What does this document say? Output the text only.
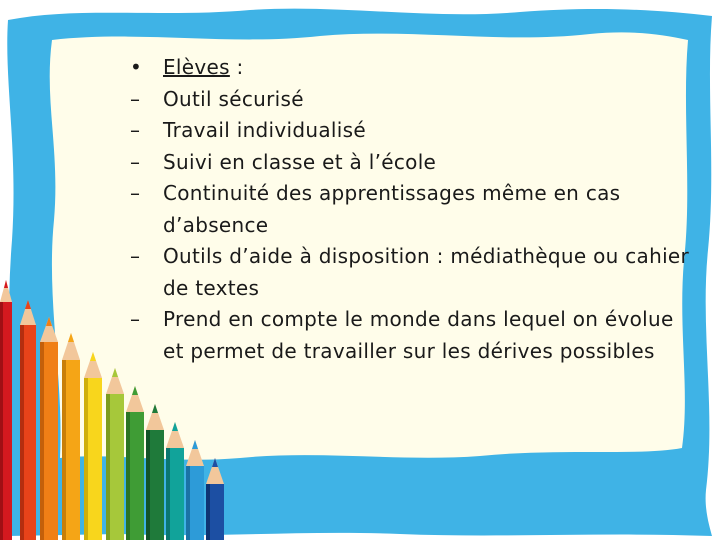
•	Elèves :
–	Outil sécurisé
–	Travail individualisé
–	Suivi en classe et à l’école
–	Continuité des apprentissages même en cas d’absence
–	Outils d’aide à disposition : médiathèque ou cahier de textes
–	Prend en compte le monde dans lequel on évolue et permet de travailler sur les dérives possibles
